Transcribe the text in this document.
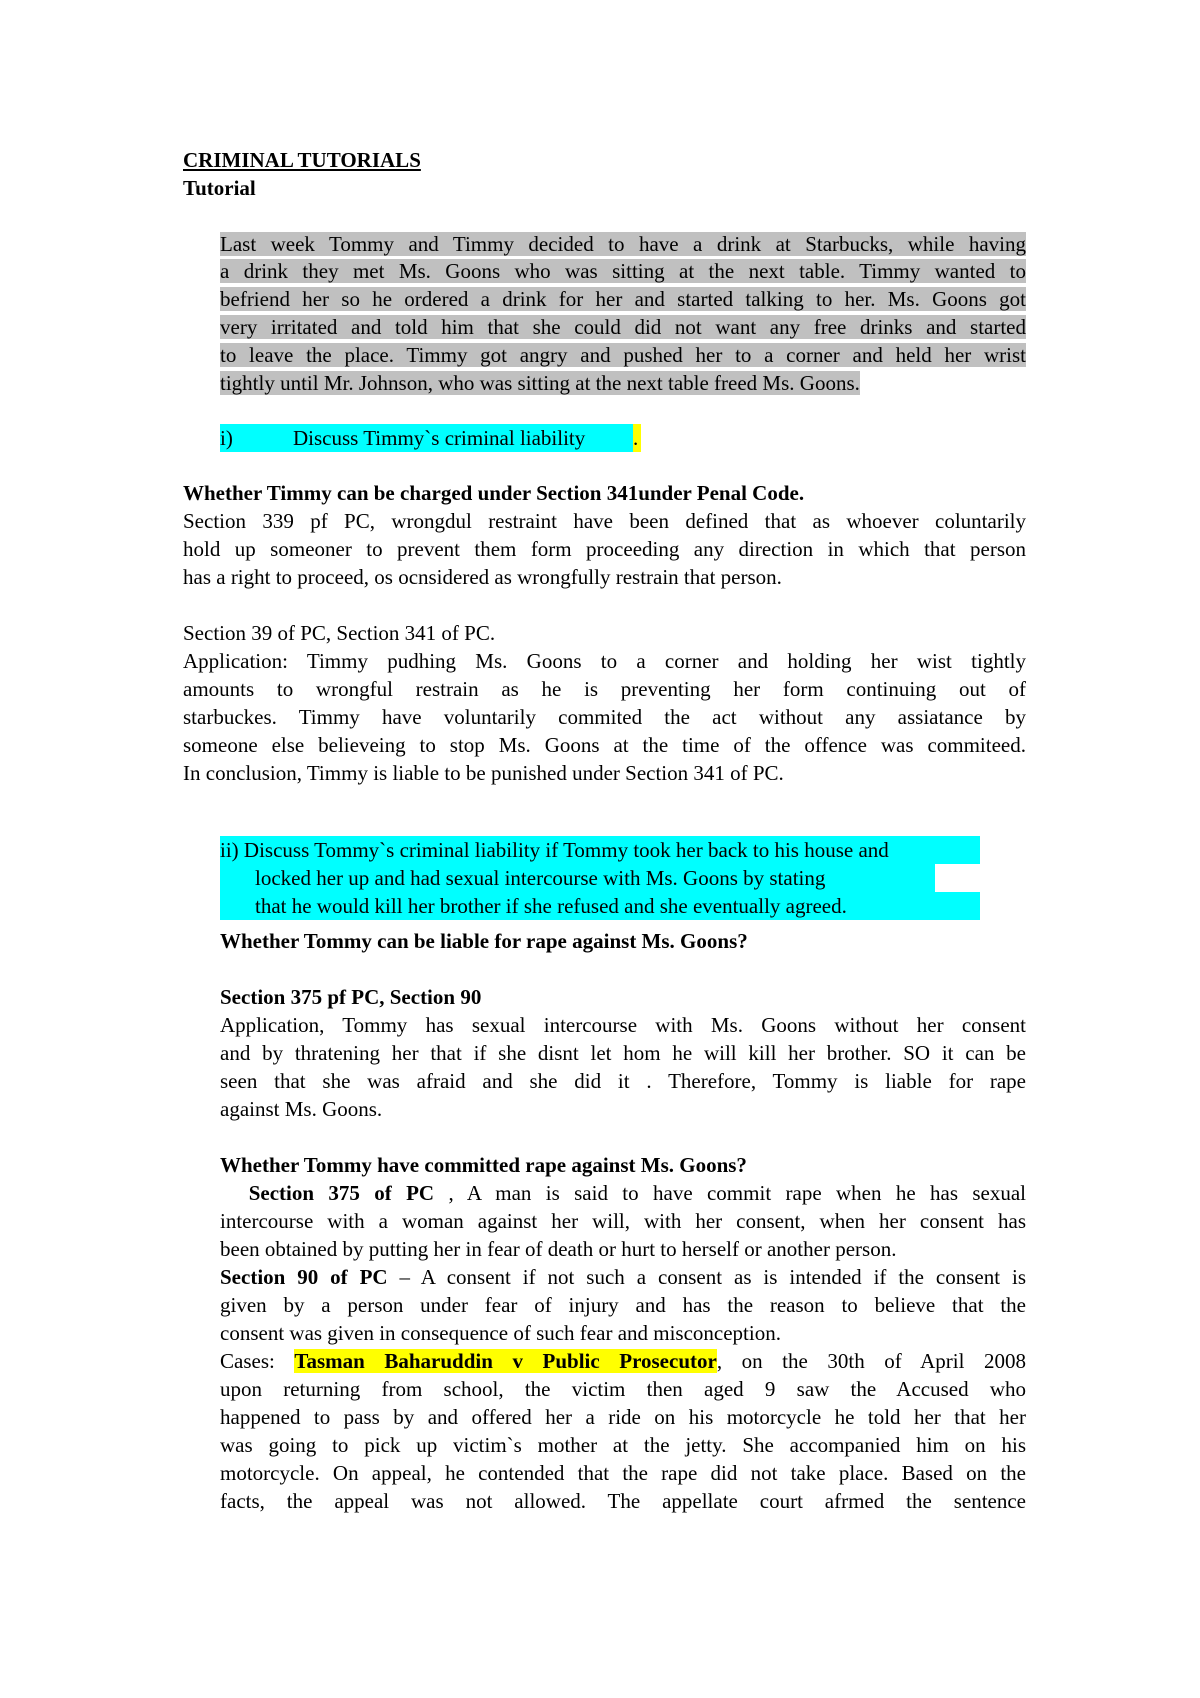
CRIMINAL TUTORIALS

Tutorial

Last week Tommy and Timmy decided to have a drink at Starbucks, while having

a drink they met Ms. Goons who was sitting at the next table. Timmy wanted to

befriend her so he ordered a drink for her and started talking to her. Ms. Goons got

very irritated and told him that she could did not want any free drinks and started

to leave the place. Timmy got angry and pushed her to a corner and held her wrist

tightly until Mr. Johnson, who was sitting at the next table freed Ms. Goons.

i)	Discuss Timmy`s criminal liability .

Whether Timmy can be charged under Section 341under Penal Code.

Section 339 pf PC, wrongdul restraint have been defined that as whoever coluntarily

hold up someoner to prevent them form proceeding any direction in which that person

has a right to proceed, os ocnsidered as wrongfully restrain that person.

Section 39 of PC, Section 341 of PC.

Application: Timmy pudhing Ms. Goons to a corner and holding her wist tightly

amounts to wrongful restrain as he is preventing her form continuing out of

starbuckes. Timmy have voluntarily commited the act without any assiatance by

someone else believeing to stop Ms. Goons at the time of the offence was commiteed.

In conclusion, Timmy is liable to be punished under Section 341 of PC.

ii) Discuss Tommy`s criminal liability if Tommy took her back to his house and

locked her up and had sexual intercourse with Ms. Goons by stating

that he would kill her brother if she refused and she eventually agreed.

Whether Tommy can be liable for rape against Ms. Goons?

Section 375 pf PC, Section 90

Application, Tommy has sexual intercourse with Ms. Goons without her consent

and by thratening her that if she disnt let hom he will kill her brother. SO it can be

seen that she was afraid and she did it . Therefore, Tommy is liable for rape

against Ms. Goons.

Whether Tommy have committed rape against Ms. Goons?

Section 375 of PC , A man is said to have commit rape when he has sexual

intercourse with a woman against her will, with her consent, when her consent has

been obtained by putting her in fear of death or hurt to herself or another person.

Section 90 of PC – A consent if not such a consent as is intended if the consent is

given by a person under fear of injury and has the reason to believe that the

consent was given in consequence of such fear and misconception.

Cases: Tasman Baharuddin v Public Prosecutor, on the 30th of April 2008

upon returning from school, the victim then aged 9 saw the Accused who

happened to pass by and offered her a ride on his motorcycle he told her that her

was going to pick up victim`s mother at the jetty. She accompanied him on his

motorcycle. On appeal, he contended that the rape did not take place. Based on the

facts, the appeal was not allowed. The appellate court afrmed the sentence
